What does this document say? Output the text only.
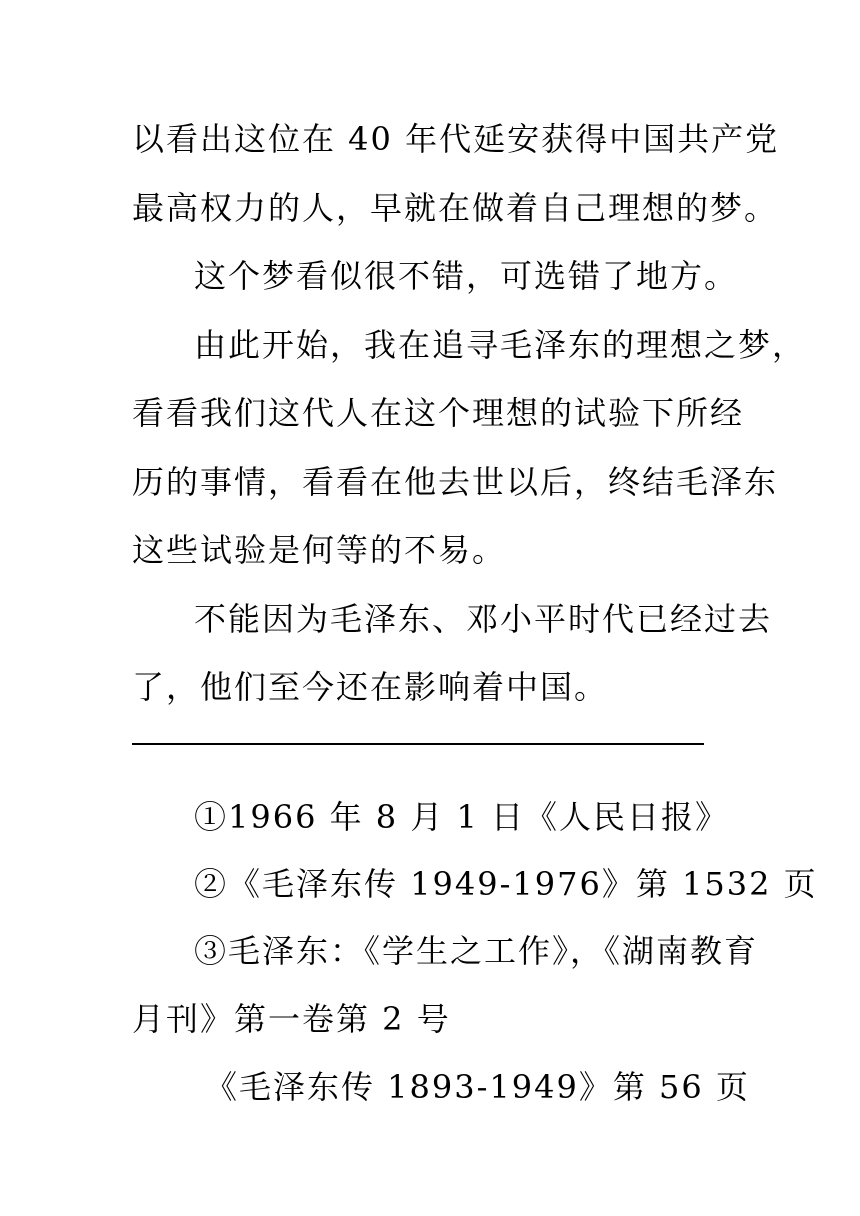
以看出这位在 40 年代延安获得中国共产党
最高权力的人，早就在做着自己理想的梦。
这个梦看似很不错，可选错了地方。
由此开始，我在追寻毛泽东的理想之梦，
看看我们这代人在这个理想的试验下所经
历的事情，看看在他去世以后，终结毛泽东
这些试验是何等的不易。
不能因为毛泽东、邓小平时代已经过去
了，他们至今还在影响着中国。
①1966 年 8 月 1 日《人民日报》
②《毛泽东传 1949-1976》第 1532 页
③毛泽东：《学生之工作》，《湖南教育
月刊》第一卷第 2 号
《毛泽东传 1893-1949》第 56 页
